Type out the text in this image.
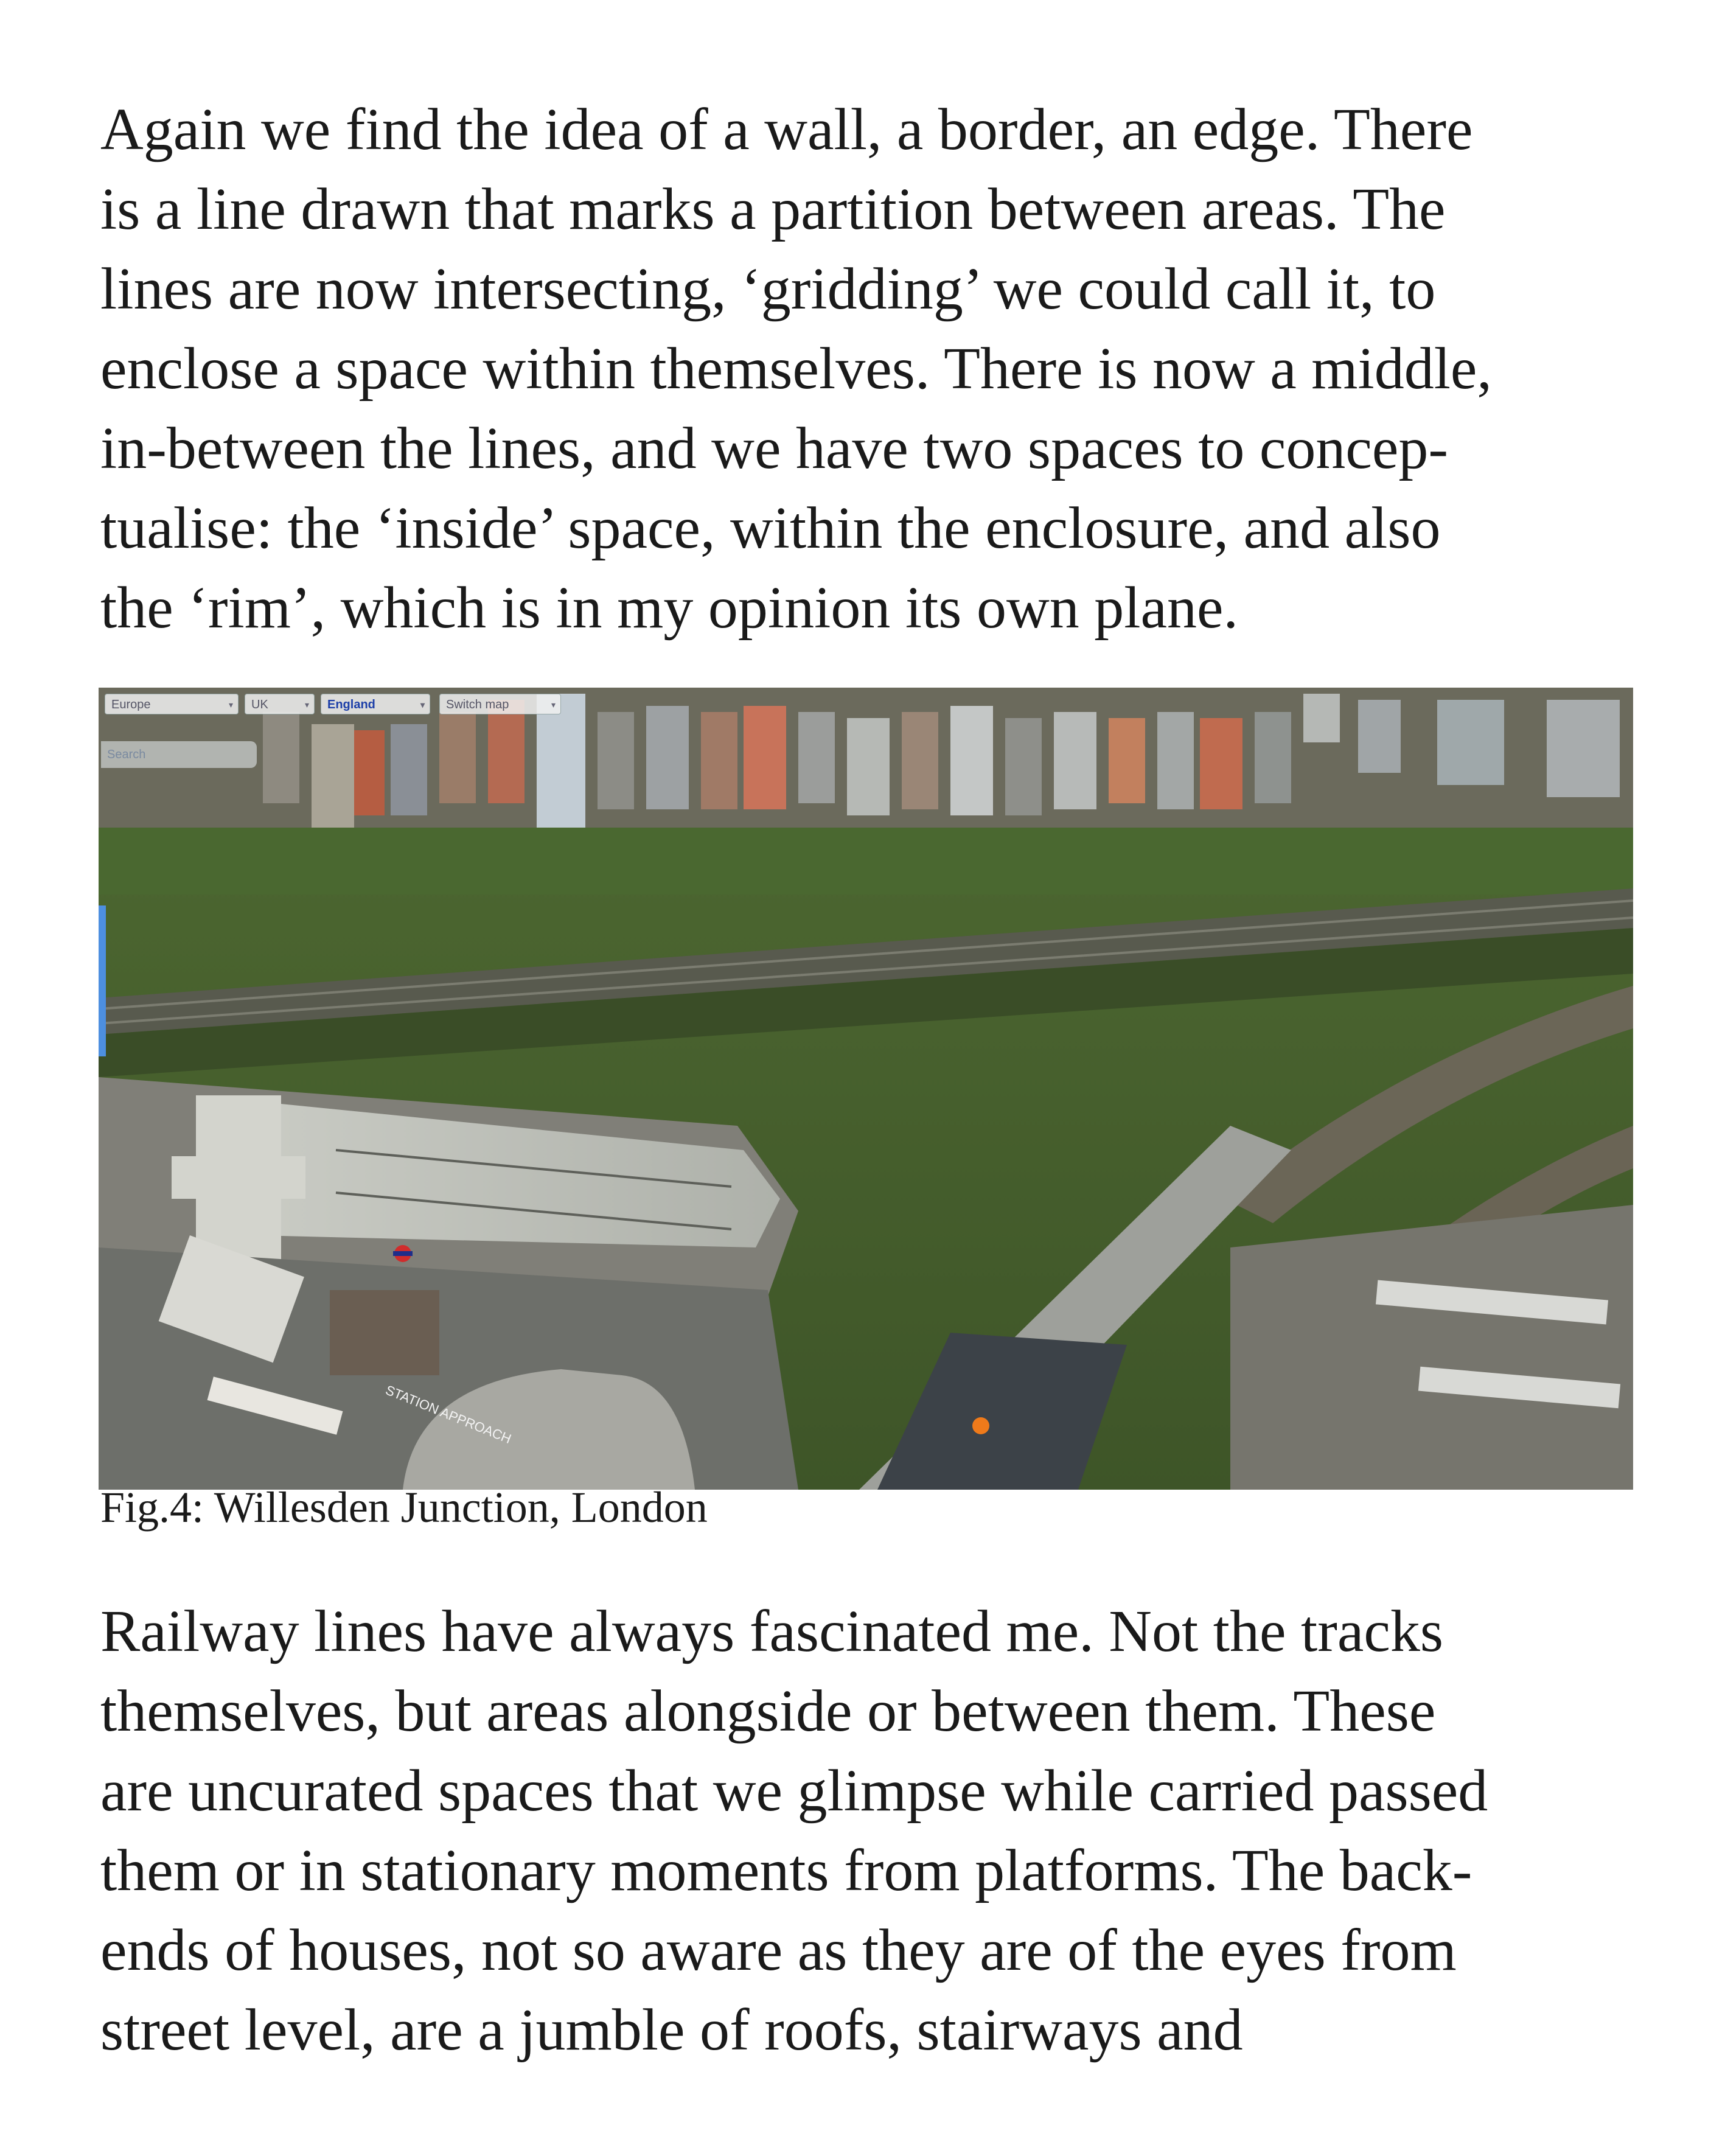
Again we find the idea of a wall, a border, an edge. There
is a line drawn that marks a partition between areas. The
lines are now intersecting, ‘gridding’ we could call it, to
enclose a space within themselves. There is now a middle,
in-between the lines, and we have two spaces to concep-
tualise: the ‘inside’ space, within the enclosure, and also
the ‘rim’, which is in my opinion its own plane.
STATION APPROACH
Europe	▾	UK	▾	England	▾	Switch map	▾
Search
Fig.4: Willesden Junction, London
Railway lines have always fascinated me. Not the tracks
themselves, but areas alongside or between them. These
are uncurated spaces that we glimpse while carried passed
them or in stationary moments from platforms. The back-
ends of houses, not so aware as they are of the eyes from
street level, are a jumble of roofs, stairways and
